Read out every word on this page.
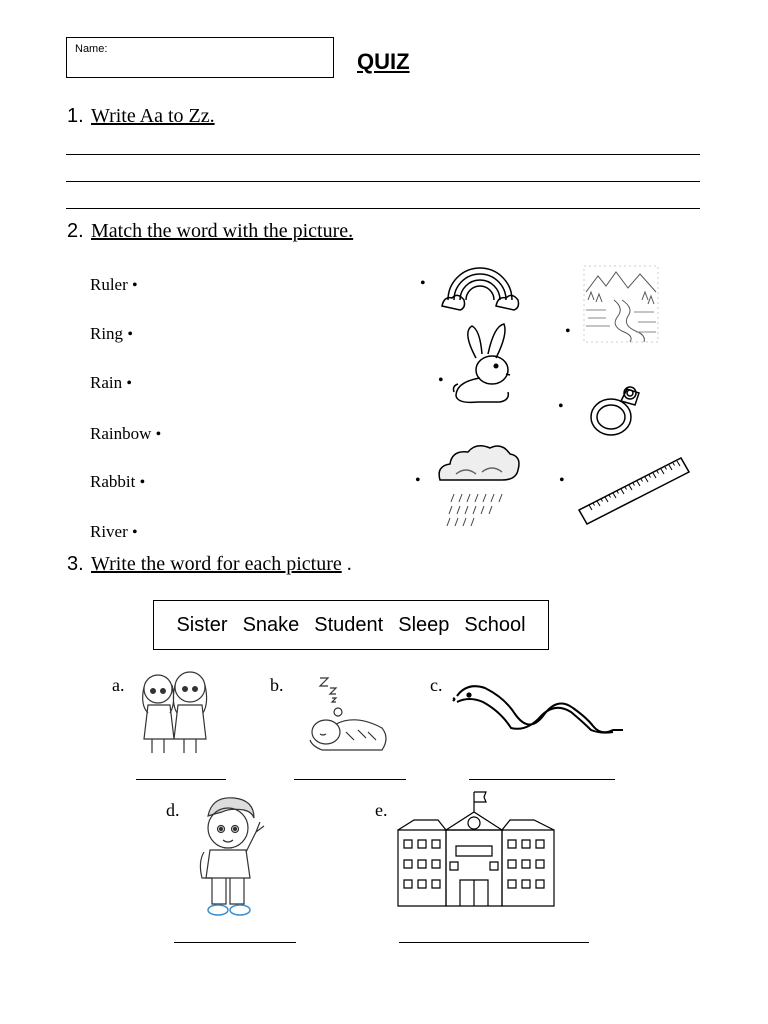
Name:	QUIZ
1. Write Aa to Zz.
2. Match the word with the picture.
Ruler •
Ring •
Rain •
Rainbow •
Rabbit •
River •
•
•
•
•
•	•
3. Write the word for each picture .
Sister Snake Student Sleep School
a.	b.	c.
d.	e.
